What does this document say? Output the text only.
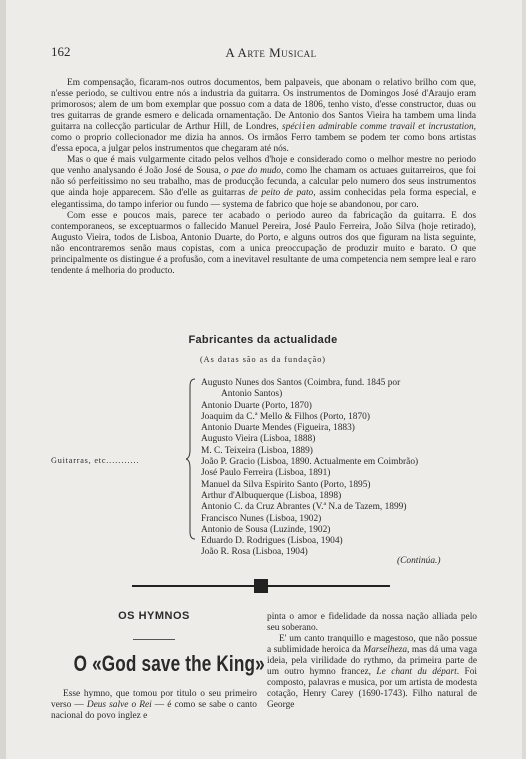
162	A Arte Musical

Em compensação, ficaram-nos outros documentos, bem palpaveis, que abonam o relativo brilho com que, n'esse periodo, se cultivou entre nós a industria da guitarra. Os instrumentos de Domingos José d'Araujo eram primorosos; alem de um bom exemplar que possuo com a data de 1806, tenho visto, d'esse constructor, duas ou tres guitarras de grande esmero e delicada ornamentação. De Antonio dos Santos Vieira ha tambem uma linda guitarra na collecção particular de Arthur Hill, de Londres, spéciⅰen admirable comme travail et incrustation, como o proprio collecionador me dizia ha annos. Os irmãos Ferro tambem se podem ter como bons artistas d'essa epoca, a julgar pelos instrumentos que chegaram até nós.

Mas o que é mais vulgarmente citado pelos velhos d'hoje e considerado como o melhor mestre no periodo que venho analysando é João José de Sousa, o pae do mudo, como lhe chamam os actuaes guitarreiros, que foi não só perfeitissimo no seu trabalho, mas de producção fecunda, a calcular pelo numero dos seus instrumentos que ainda hoje apparecem. São d'elle as guitarras de peito de pato, assim conhecidas pela forma especial, e elegantissima, do tampo inferior ou fundo — systema de fabrico que hoje se abandonou, por caro.

Com esse e poucos mais, parece ter acabado o periodo aureo da fabricação da guitarra. E dos contemporaneos, se exceptuarmos o fallecido Manuel Pereira, José Paulo Ferreira, João Silva (hoje retirado), Augusto Vieira, todos de Lisboa, Antonio Duarte, do Porto, e alguns outros dos que figuram na lista seguinte, não encontraremos senão maus copistas, com a unica preoccupação de produzir muito e barato. O que principalmente os distingue é a profusão, com a inevitavel resultante de uma competencia nem sempre leal e raro tendente á melhoria do producto.

Fabricantes da actualidade
(As datas são as da fundação)
Guitarras, etc...........
Augusto Nunes dos Santos (Coimbra, fund. 1845 por
Antonio Santos)
Antonio Duarte (Porto, 1870)
Joaquim da C.ª Mello & Filhos (Porto, 1870)
Antonio Duarte Mendes (Figueira, 1883)
Augusto Vieira (Lisboa, 1888)
M. C. Teixeira (Lisboa, 1889)
João P. Gracio (Lisboa, 1890. Actualmente em Coimbrão)
José Paulo Ferreira (Lisboa, 1891)
Manuel da Silva Espirito Santo (Porto, 1895)
Arthur d'Albuquerque (Lisboa, 1898)
Antonio C. da Cruz Abrantes (V.ª N.a de Tazem, 1899)
Francisco Nunes (Lisboa, 1902)
Antonio de Sousa (Luzinde, 1902)
Eduardo D. Rodrigues (Lisboa, 1904)
João R. Rosa (Lisboa, 1904)
(Continúa.)
OS HYMNOS
O «God save the King»

Esse hymno, que tomou por titulo o seu primeiro verso — Deus salve o Rei — é como se sabe o canto nacional do povo inglez e

pinta o amor e fidelidade da nossa nação alliada pelo seu soberano.

E' um canto tranquillo e magestoso, que não possue a sublimidade heroica da Marselheza, mas dá uma vaga ideia, pela virilidade do rythmo, da primeira parte de um outro hymno francez, Le chant du départ. Foi composto, palavras e musica, por um artista de modesta cotação, Henry Carey (1690-1743). Filho natural de George
